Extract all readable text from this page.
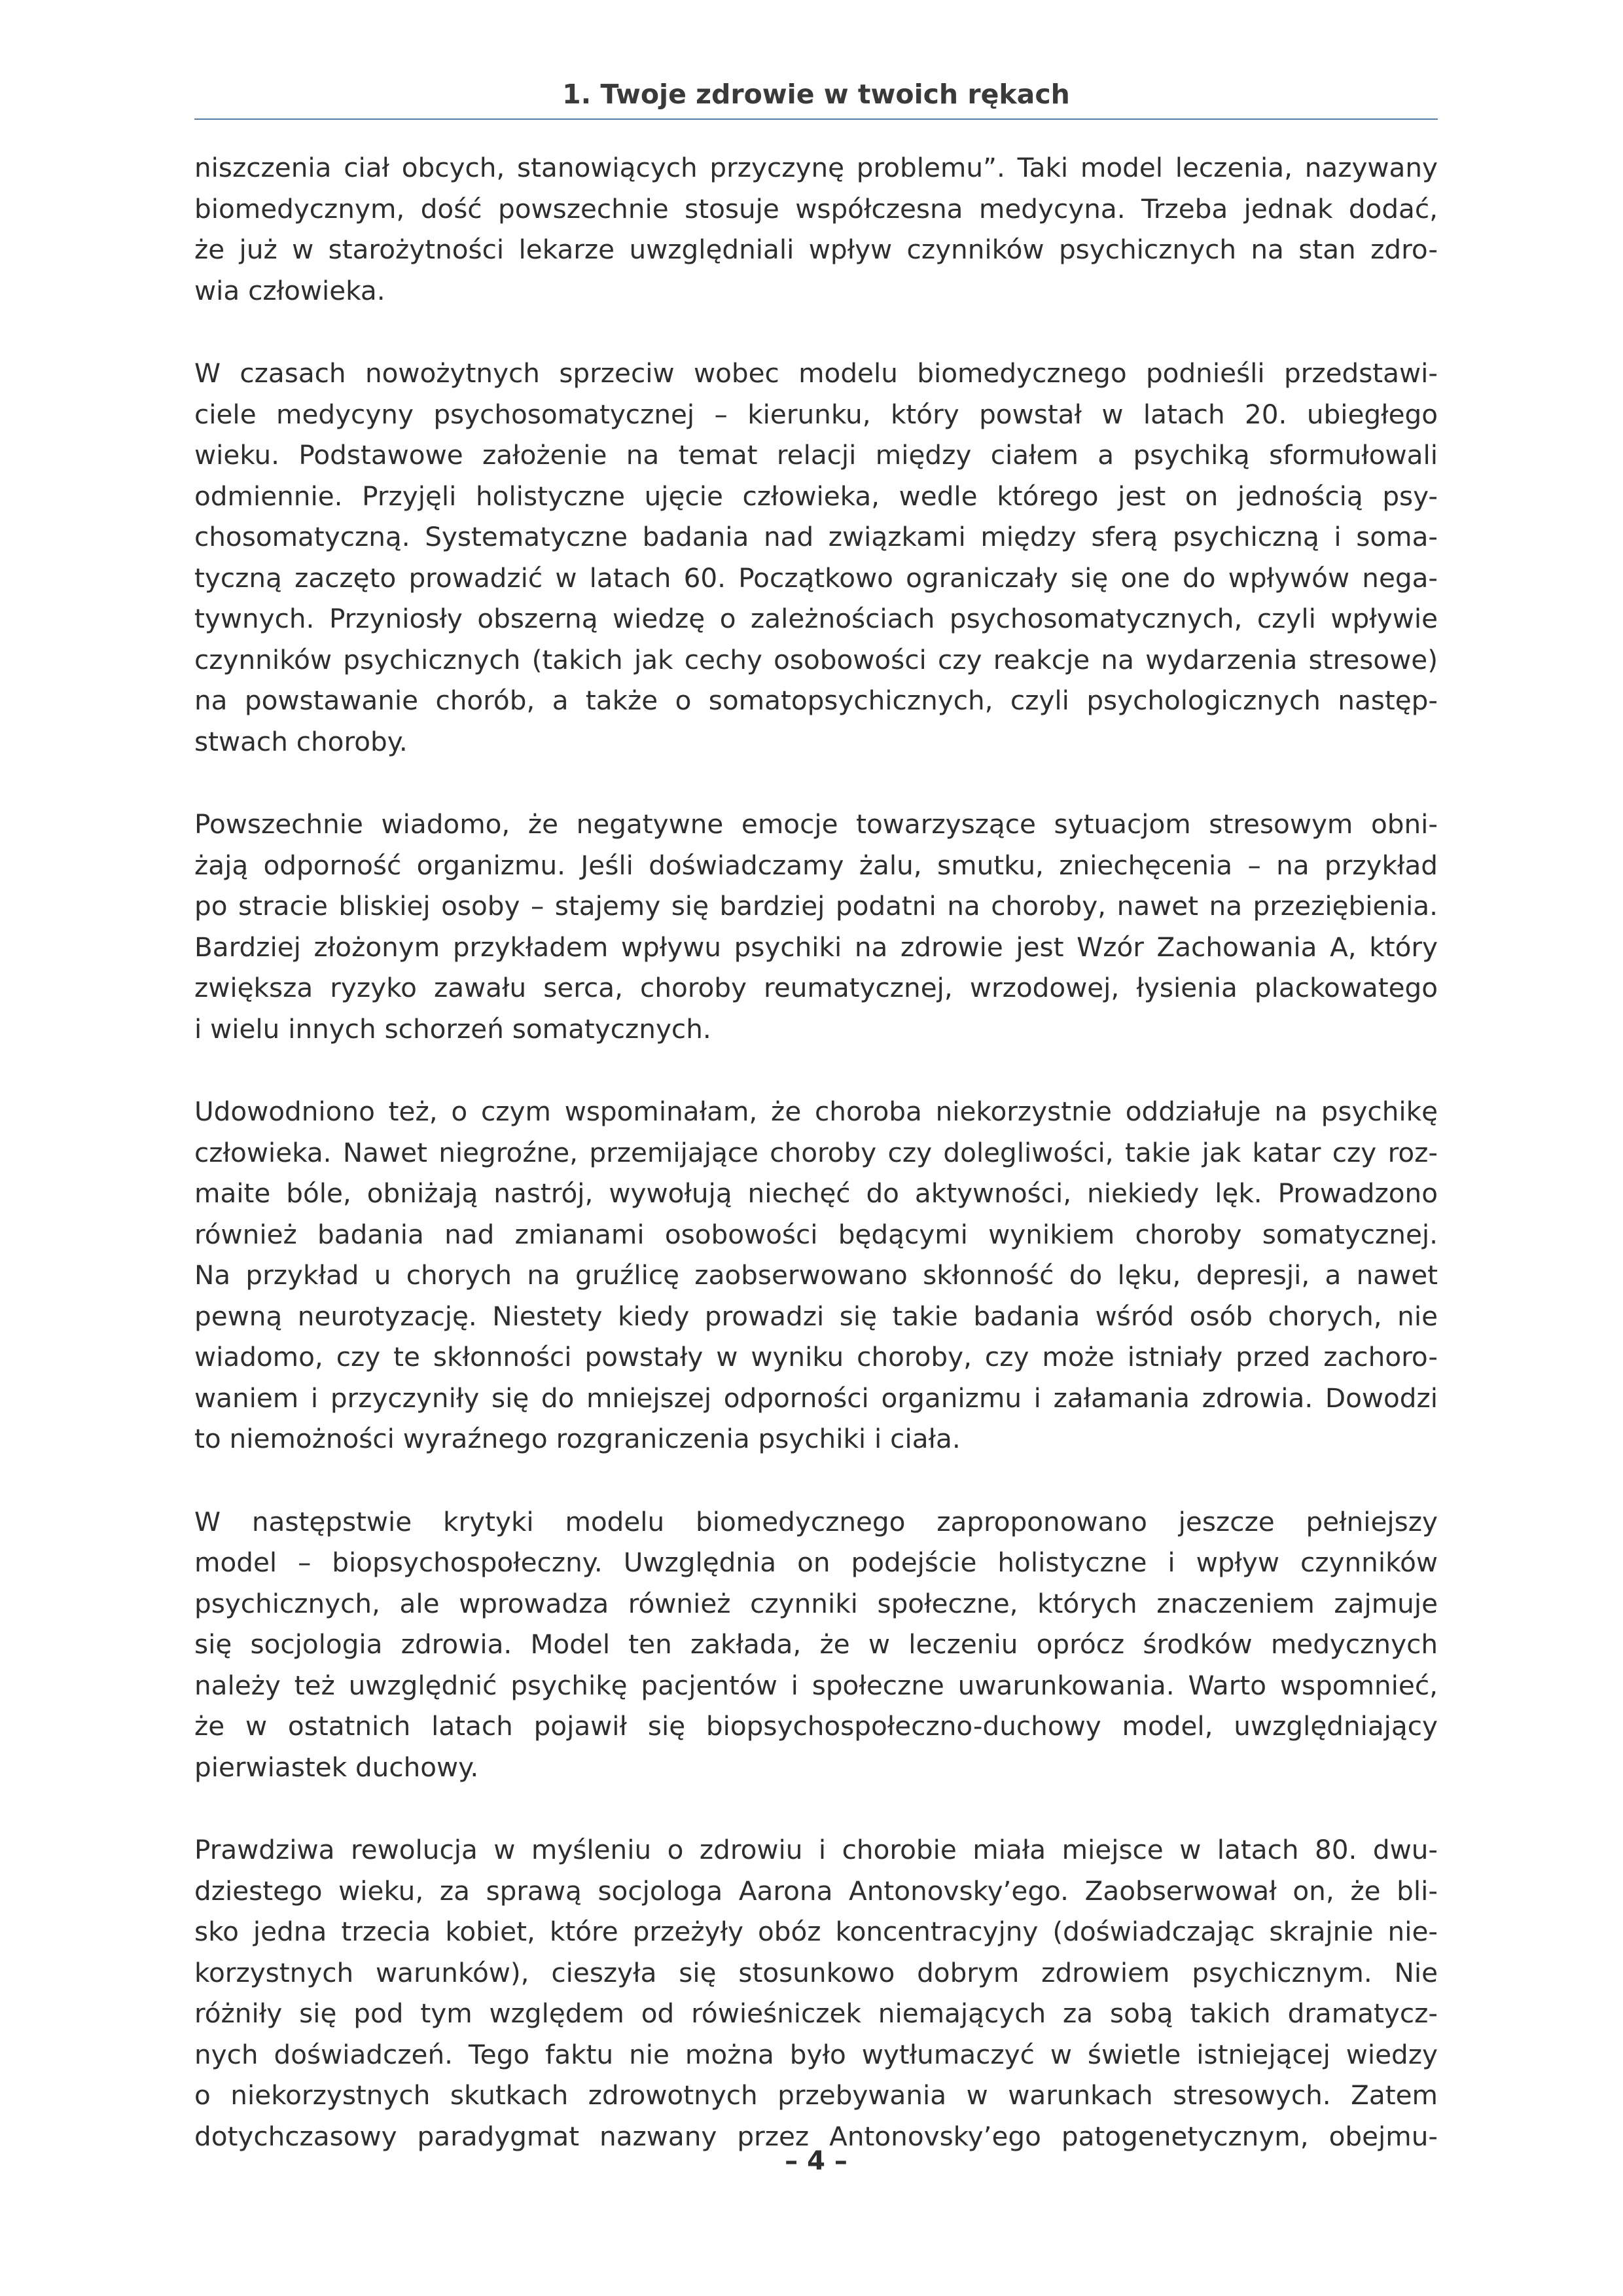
1. Twoje zdrowie w twoich rękach
niszczenia ciał obcych, stanowiących przyczynę problemu”. Taki model leczenia, nazywany
biomedycznym, dość powszechnie stosuje współczesna medycyna. Trzeba jednak dodać,
że już w starożytności lekarze uwzględniali wpływ czynników psychicznych na stan zdro-
wia człowieka.
W czasach nowożytnych sprzeciw wobec modelu biomedycznego podnieśli przedstawi-
ciele medycyny psychosomatycznej – kierunku, który powstał w latach 20. ubiegłego
wieku. Podstawowe założenie na temat relacji między ciałem a psychiką sformułowali
odmiennie. Przyjęli holistyczne ujęcie człowieka, wedle którego jest on jednością psy-
chosomatyczną. Systematyczne badania nad związkami między sferą psychiczną i soma-
tyczną zaczęto prowadzić w latach 60. Początkowo ograniczały się one do wpływów nega-
tywnych. Przyniosły obszerną wiedzę o zależnościach psychosomatycznych, czyli wpływie
czynników psychicznych (takich jak cechy osobowości czy reakcje na wydarzenia stresowe)
na powstawanie chorób, a także o somatopsychicznych, czyli psychologicznych następ-
stwach choroby.
Powszechnie wiadomo, że negatywne emocje towarzyszące sytuacjom stresowym obni-
żają odporność organizmu. Jeśli doświadczamy żalu, smutku, zniechęcenia – na przykład
po stracie bliskiej osoby – stajemy się bardziej podatni na choroby, nawet na przeziębienia.
Bardziej złożonym przykładem wpływu psychiki na zdrowie jest Wzór Zachowania A, który
zwiększa ryzyko zawału serca, choroby reumatycznej, wrzodowej, łysienia plackowatego
i wielu innych schorzeń somatycznych.
Udowodniono też, o czym wspominałam, że choroba niekorzystnie oddziałuje na psychikę
człowieka. Nawet niegroźne, przemijające choroby czy dolegliwości, takie jak katar czy roz-
maite bóle, obniżają nastrój, wywołują niechęć do aktywności, niekiedy lęk. Prowadzono
również badania nad zmianami osobowości będącymi wynikiem choroby somatycznej.
Na przykład u chorych na gruźlicę zaobserwowano skłonność do lęku, depresji, a nawet
pewną neurotyzację. Niestety kiedy prowadzi się takie badania wśród osób chorych, nie
wiadomo, czy te skłonności powstały w wyniku choroby, czy może istniały przed zachoro-
waniem i przyczyniły się do mniejszej odporności organizmu i załamania zdrowia. Dowodzi
to niemożności wyraźnego rozgraniczenia psychiki i ciała.
W następstwie krytyki modelu biomedycznego zaproponowano jeszcze pełniejszy
model – biopsychospołeczny. Uwzględnia on podejście holistyczne i wpływ czynników
psychicznych, ale wprowadza również czynniki społeczne, których znaczeniem zajmuje
się socjologia zdrowia. Model ten zakłada, że w leczeniu oprócz środków medycznych
należy też uwzględnić psychikę pacjentów i społeczne uwarunkowania. Warto wspomnieć,
że w ostatnich latach pojawił się biopsychospołeczno-duchowy model, uwzględniający
pierwiastek duchowy.
Prawdziwa rewolucja w myśleniu o zdrowiu i chorobie miała miejsce w latach 80. dwu-
dziestego wieku, za sprawą socjologa Aarona Antonovsky’ego. Zaobserwował on, że bli-
sko jedna trzecia kobiet, które przeżyły obóz koncentracyjny (doświadczając skrajnie nie-
korzystnych warunków), cieszyła się stosunkowo dobrym zdrowiem psychicznym. Nie
różniły się pod tym względem od rówieśniczek niemających za sobą takich dramatycz-
nych doświadczeń. Tego faktu nie można było wytłumaczyć w świetle istniejącej wiedzy
o niekorzystnych skutkach zdrowotnych przebywania w warunkach stresowych. Zatem
dotychczasowy paradygmat nazwany przez Antonovsky’ego patogenetycznym, obejmu-
– 4 –
